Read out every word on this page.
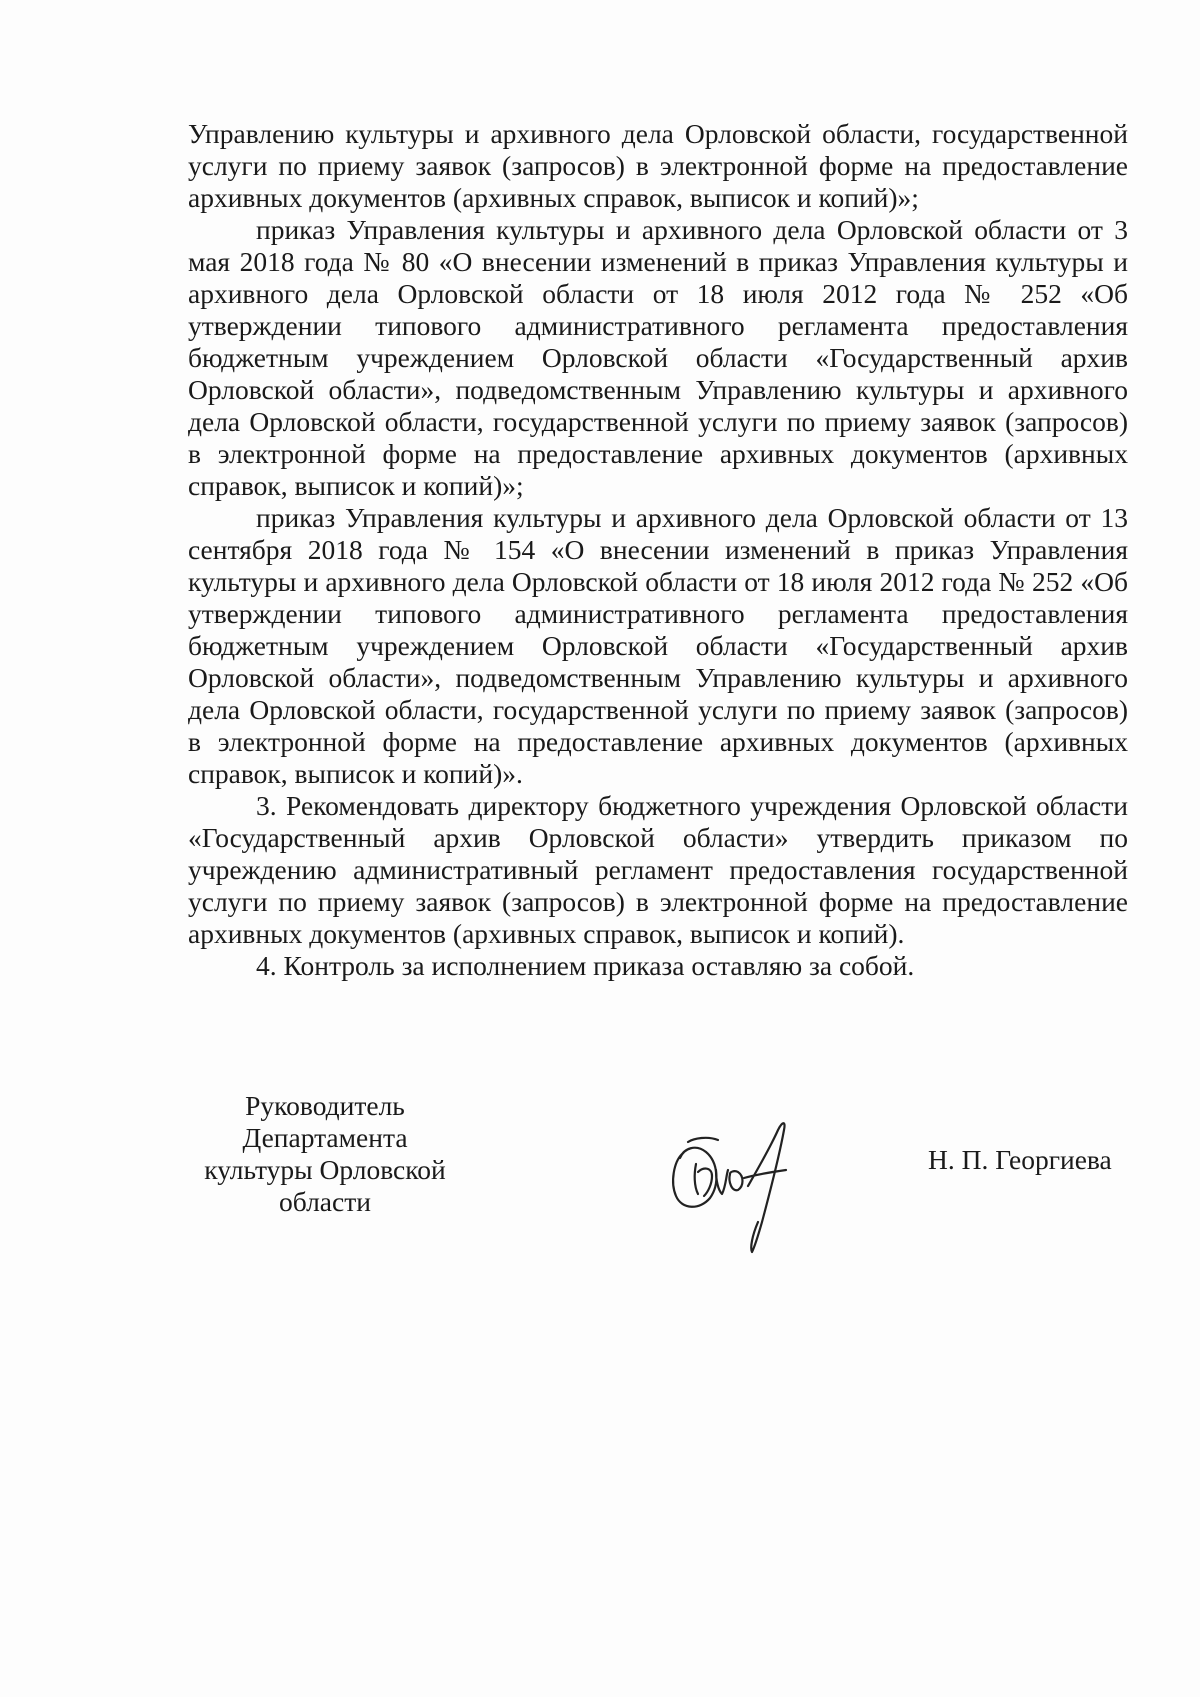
Управлению культуры и архивного дела Орловской области, государственной услуги по приему заявок (запросов) в электронной форме на предоставление архивных документов (архивных справок, выписок и копий)»;

приказ Управления культуры и архивного дела Орловской области от 3 мая 2018 года № 80 «О внесении изменений в приказ Управления культуры и архивного дела Орловской области от 18 июля 2012 года № 252 «Об утверждении типового административного регламента предоставления бюджетным учреждением Орловской области «Государственный архив Орловской области», подведомственным Управлению культуры и архивного дела Орловской области, государственной услуги по приему заявок (запросов) в электронной форме на предоставление архивных документов (архивных справок, выписок и копий)»;

приказ Управления культуры и архивного дела Орловской области от 13 сентября 2018 года № 154 «О внесении изменений в приказ Управления культуры и архивного дела Орловской области от 18 июля 2012 года № 252 «Об утверждении типового административного регламента предоставления бюджетным учреждением Орловской области «Государственный архив Орловской области», подведомственным Управлению культуры и архивного дела Орловской области, государственной услуги по приему заявок (запросов) в электронной форме на предоставление архивных документов (архивных справок, выписок и копий)».

3. Рекомендовать директору бюджетного учреждения Орловской области «Государственный архив Орловской области» утвердить приказом по учреждению административный регламент предоставления государственной услуги по приему заявок (запросов) в электронной форме на предоставление архивных документов (архивных справок, выписок и копий).

4. Контроль за исполнением приказа оставляю за собой.

Руководитель
Департамента
культуры Орловской
области
Н. П. Георгиева
